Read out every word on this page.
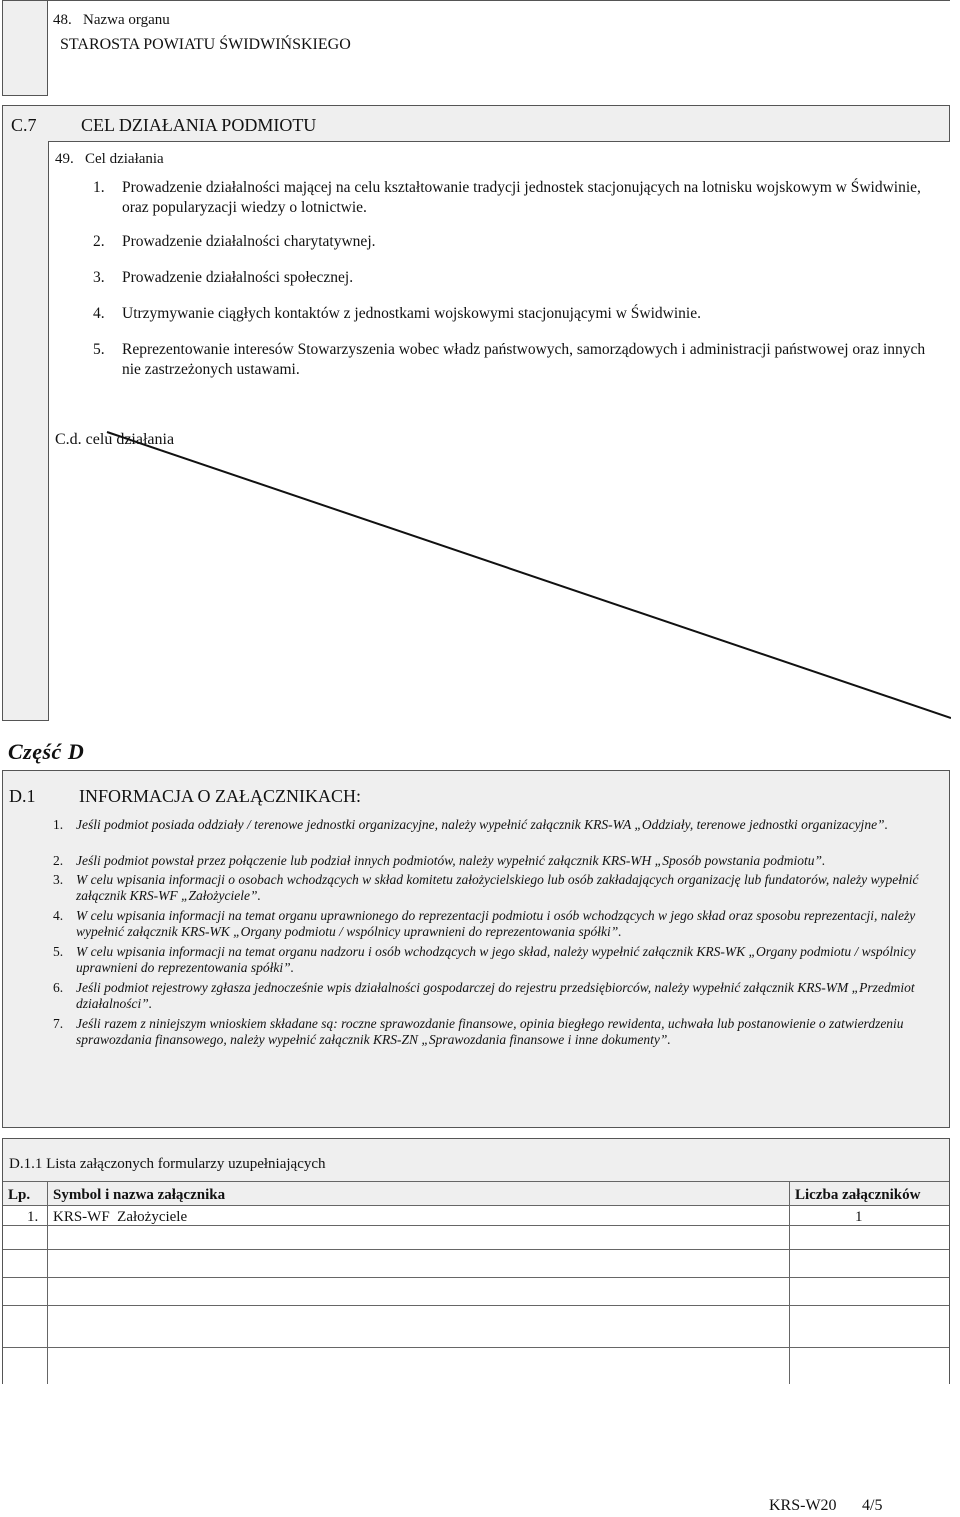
48.   Nazwa organu
STAROSTA POWIATU ŚWIDWIŃSKIEGO
C.7 CEL DZIAŁANIA PODMIOTU
49.   Cel działania
1. Prowadzenie działalności mającej na celu kształtowanie tradycji jednostek stacjonujących na lotnisku wojskowym w Świdwinie, oraz popularyzacji wiedzy o lotnictwie.
2. Prowadzenie działalności charytatywnej.
3. Prowadzenie działalności społecznej.
4. Utrzymywanie ciągłych kontaktów z jednostkami wojskowymi stacjonującymi w Świdwinie.
5. Reprezentowanie interesów Stowarzyszenia wobec władz państwowych, samorządowych i administracji państwowej oraz innych nie zastrzeżonych ustawami.
C.d. celu działania
Część D
D.1 INFORMACJA O ZAŁĄCZNIKACH:
1. Jeśli podmiot posiada oddziały / terenowe jednostki organizacyjne, należy wypełnić załącznik KRS-WA „Oddziały, terenowe jednostki organizacyjne”.
2. Jeśli podmiot powstał przez połączenie lub podział innych podmiotów, należy wypełnić załącznik KRS-WH „Sposób powstania podmiotu”.
3. W celu wpisania informacji o osobach wchodzących w skład komitetu założycielskiego lub osób zakładających organizację lub fundatorów, należy wypełnić załącznik KRS-WF „Założyciele”.
4. W celu wpisania informacji na temat organu uprawnionego do reprezentacji podmiotu i osób wchodzących w jego skład oraz sposobu reprezentacji, należy wypełnić załącznik KRS-WK „Organy podmiotu / wspólnicy uprawnieni do reprezentowania spółki”.
5. W celu wpisania informacji na temat organu nadzoru i osób wchodzących w jego skład, należy wypełnić załącznik KRS-WK „Organy podmiotu / wspólnicy uprawnieni do reprezentowania spółki”.
6. Jeśli podmiot rejestrowy zgłasza jednocześnie wpis działalności gospodarczej do rejestru przedsiębiorców, należy wypełnić załącznik KRS-WM „Przedmiot działalności”.
7. Jeśli razem z niniejszym wnioskiem składane są: roczne sprawozdanie finansowe, opinia biegłego rewidenta, uchwała lub postanowienie o zatwierdzeniu sprawozdania finansowego, należy wypełnić załącznik KRS-ZN „Sprawozdania finansowe i inne dokumenty”.
D.1.1 Lista załączonych formularzy uzupełniających
Lp.	Symbol i nazwa załącznika	Liczba załączników
1. KRS-WF  Założyciele	1
KRS-W20 4/5
